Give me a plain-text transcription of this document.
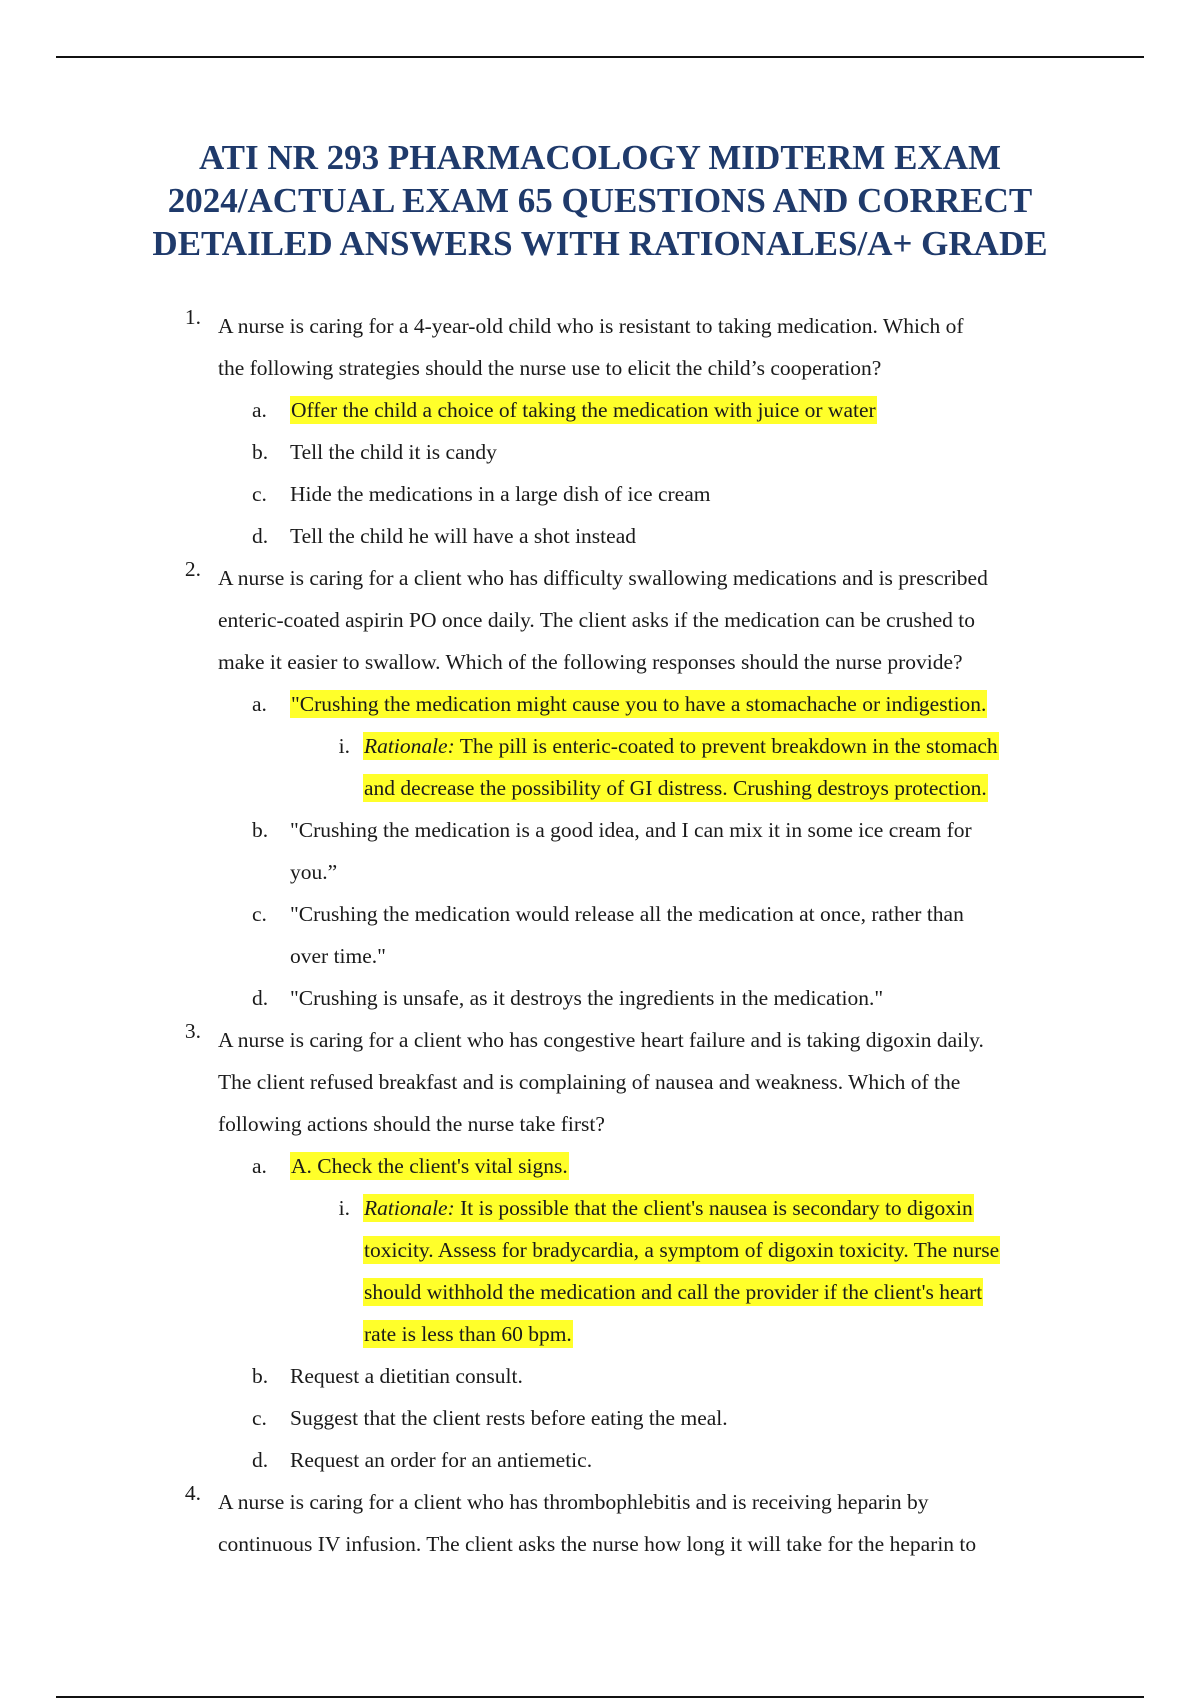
ATI NR 293 PHARMACOLOGY MIDTERM EXAM
2024/ACTUAL EXAM 65 QUESTIONS AND CORRECT
DETAILED ANSWERS WITH RATIONALES/A+ GRADE
1. A nurse is caring for a 4-year-old child who is resistant to taking medication. Which of
the following strategies should the nurse use to elicit the child’s cooperation?
a. Offer the child a choice of taking the medication with juice or water
b. Tell the child it is candy
c. Hide the medications in a large dish of ice cream
d. Tell the child he will have a shot instead
2. A nurse is caring for a client who has difficulty swallowing medications and is prescribed
enteric-coated aspirin PO once daily. The client asks if the medication can be crushed to
make it easier to swallow. Which of the following responses should the nurse provide?
a. "Crushing the medication might cause you to have a stomachache or indigestion.
i. Rationale: The pill is enteric-coated to prevent breakdown in the stomach
and decrease the possibility of GI distress. Crushing destroys protection.
b. "Crushing the medication is a good idea, and I can mix it in some ice cream for
you.”
c. "Crushing the medication would release all the medication at once, rather than
over time."
d. "Crushing is unsafe, as it destroys the ingredients in the medication."
3. A nurse is caring for a client who has congestive heart failure and is taking digoxin daily.
The client refused breakfast and is complaining of nausea and weakness. Which of the
following actions should the nurse take first?
a. A. Check the client's vital signs.
i. Rationale: It is possible that the client's nausea is secondary to digoxin
toxicity. Assess for bradycardia, a symptom of digoxin toxicity. The nurse
should withhold the medication and call the provider if the client's heart
rate is less than 60 bpm.
b. Request a dietitian consult.
c. Suggest that the client rests before eating the meal.
d. Request an order for an antiemetic.
4. A nurse is caring for a client who has thrombophlebitis and is receiving heparin by
continuous IV infusion. The client asks the nurse how long it will take for the heparin to
